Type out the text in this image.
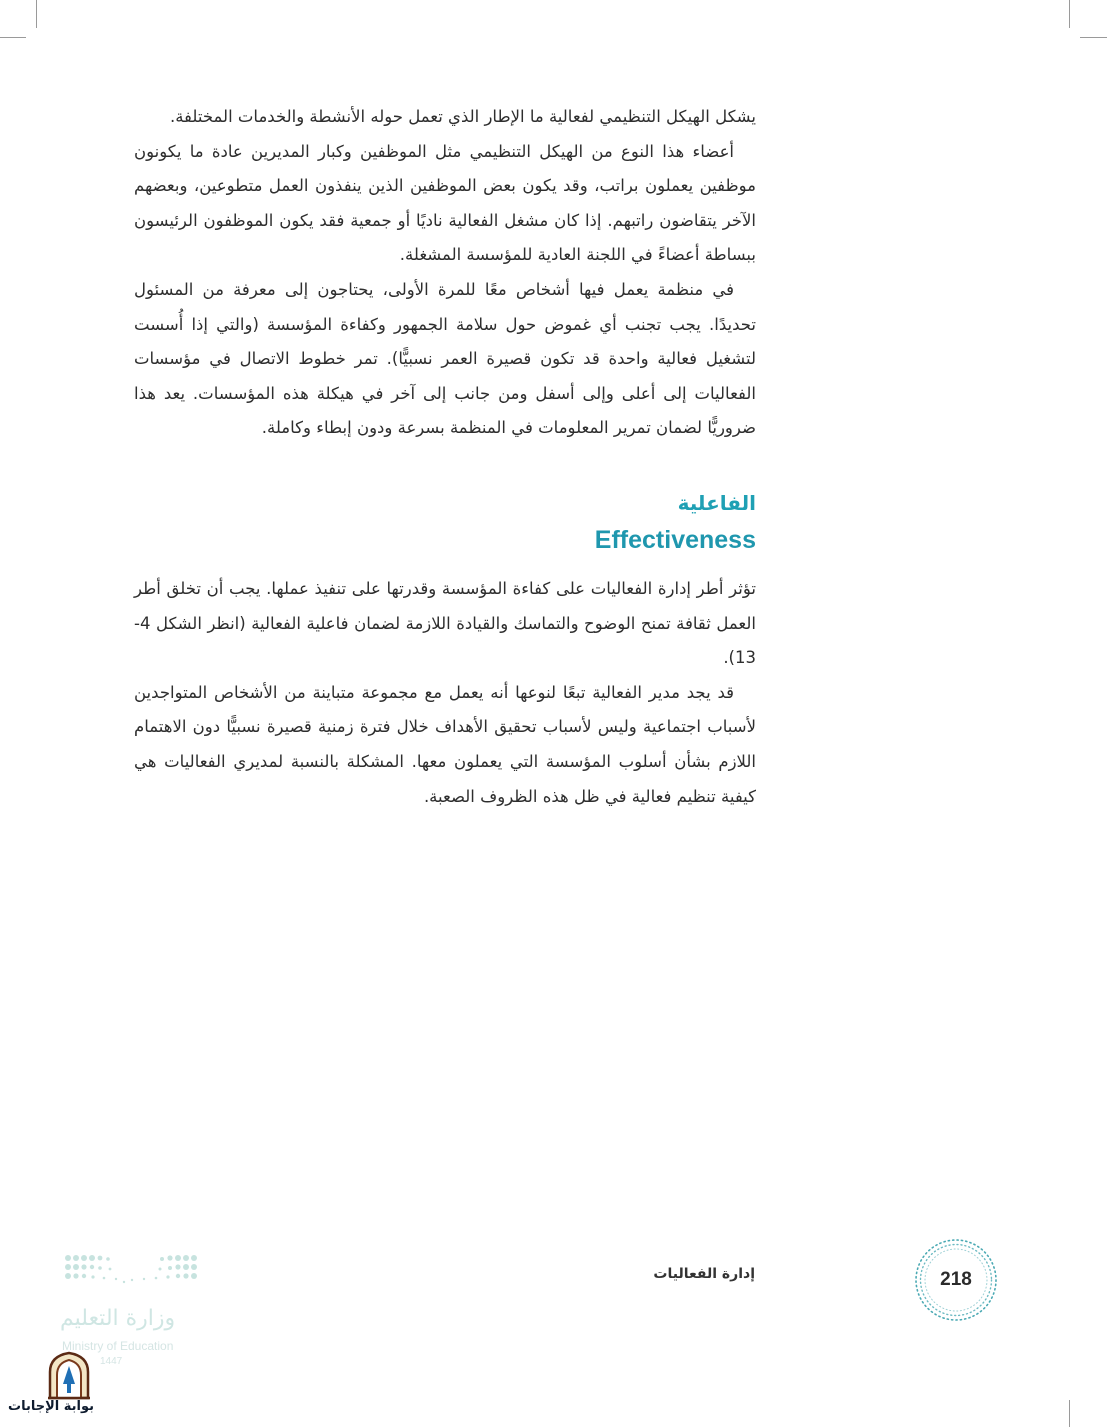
يشكل الهيكل التنظيمي لفعالية ما الإطار الذي تعمل حوله الأنشطة والخدمات المختلفة.

أعضاء هذا النوع من الهيكل التنظيمي مثل الموظفين وكبار المديرين عادة ما يكونون موظفين يعملون براتب، وقد يكون بعض الموظفين الذين ينفذون العمل متطوعين، وبعضهم الآخر يتقاضون راتبهم. إذا كان مشغل الفعالية ناديًا أو جمعية فقد يكون الموظفون الرئيسون ببساطة أعضاءً في اللجنة العادية للمؤسسة المشغلة.

في منظمة يعمل فيها أشخاص معًا للمرة الأولى، يحتاجون إلى معرفة من المسئول تحديدًا. يجب تجنب أي غموض حول سلامة الجمهور وكفاءة المؤسسة (والتي إذا أُسست لتشغيل فعالية واحدة قد تكون قصيرة العمر نسبيًّا). تمر خطوط الاتصال في مؤسسات الفعاليات إلى أعلى وإلى أسفل ومن جانب إلى آخر في هيكلة هذه المؤسسات. يعد هذا ضروريًّا لضمان تمرير المعلومات في المنظمة بسرعة ودون إبطاء وكاملة.

الفاعلية
Effectiveness

تؤثر أطر إدارة الفعاليات على كفاءة المؤسسة وقدرتها على تنفيذ عملها. يجب أن تخلق أطر العمل ثقافة تمنح الوضوح والتماسك والقيادة اللازمة لضمان فاعلية الفعالية (انظر الشكل 4-13).

قد يجد مدير الفعالية تبعًا لنوعها أنه يعمل مع مجموعة متباينة من الأشخاص المتواجدين لأسباب اجتماعية وليس لأسباب تحقيق الأهداف خلال فترة زمنية قصيرة نسبيًّا دون الاهتمام اللازم بشأن أسلوب المؤسسة التي يعملون معها. المشكلة بالنسبة لمديري الفعاليات هي كيفية تنظيم فعالية في ظل هذه الظروف الصعبة.

إدارة الفعاليات	218
وزارة التعليم
Ministry of Education
1447
بوابة الإجابات
